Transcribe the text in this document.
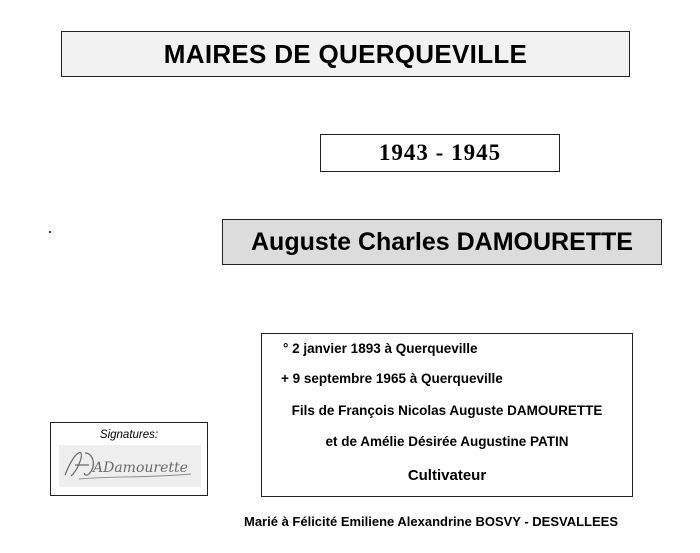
MAIRES DE QUERQUEVILLE
1943 - 1945
Auguste Charles DAMOURETTE
° 2 janvier 1893 à Querqueville
+ 9 septembre 1965 à Querqueville
Fils de François Nicolas Auguste DAMOURETTE
et de Amélie Désirée Augustine PATIN
Cultivateur
Signatures:
ADamourette
Marié à Félicité Emiliene Alexandrine BOSVY - DESVALLEES
